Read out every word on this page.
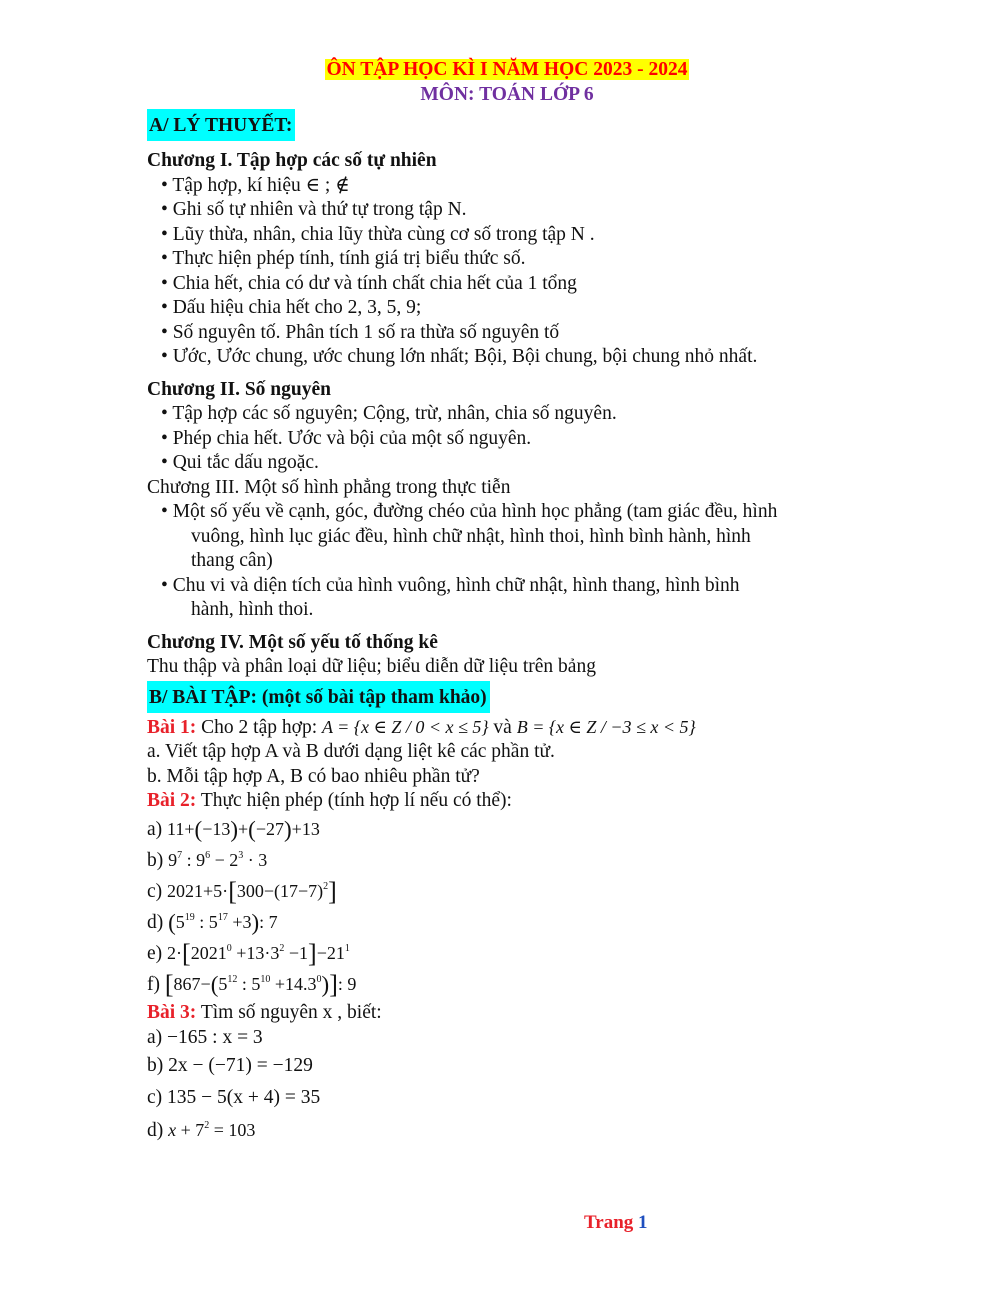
ÔN TẬP HỌC KÌ I NĂM HỌC 2023 - 2024
MÔN: TOÁN LỚP 6
A/ LÝ THUYẾT:
Chương I. Tập hợp các số tự nhiên
• Tập hợp, kí hiệu ∈ ; ∉
• Ghi số tự nhiên và thứ tự trong tập N.
• Lũy thừa, nhân, chia lũy thừa cùng cơ số trong tập N .
• Thực hiện phép tính, tính giá trị biểu thức số.
• Chia hết, chia có dư và tính chất chia hết của 1 tổng
• Dấu hiệu chia hết cho 2, 3, 5, 9;
• Số nguyên tố. Phân tích 1 số ra thừa số nguyên tố
• Ước, Ước chung, ước chung lớn nhất; Bội, Bội chung, bội chung nhỏ nhất.
Chương II. Số nguyên
• Tập hợp các số nguyên; Cộng, trừ, nhân, chia số nguyên.
• Phép chia hết. Ước và bội của một số nguyên.
• Qui tắc dấu ngoặc.
Chương III. Một số hình phẳng trong thực tiễn
• Một số yếu về cạnh, góc, đường chéo của hình học phẳng (tam giác đều, hình
vuông, hình lục giác đều, hình chữ nhật, hình thoi, hình bình hành, hình
thang cân)
• Chu vi và diện tích của hình vuông, hình chữ nhật, hình thang, hình bình
hành, hình thoi.
Chương IV. Một số yếu tố thống kê
Thu thập và phân loại dữ liệu; biểu diễn dữ liệu trên bảng
B/ BÀI TẬP: (một số bài tập tham khảo)
Bài 1: Cho 2 tập hợp: A = {x ∈ Z / 0 < x ≤ 5} và B = {x ∈ Z / −3 ≤ x < 5}
a. Viết tập hợp A và B dưới dạng liệt kê các phần tử.
b. Mỗi tập hợp A, B có bao nhiêu phần tử?
Bài 2: Thực hiện phép (tính hợp lí nếu có thể):
a) 11+(−13)+(−27)+13
b) $9^7$ : $9^6 - 2^3 \cdot 3$
c) $2021+5\cdot[300-(17-7)^2]$
d) ($5^{19}$ : $5^{17} +3$): 7
e) $2\cdot[2021^0 +13\cdot 3^2 -1]-21^1$
f) [$867-(5^{12}$ : $5^{10} +14.3^0$)]: 9
Bài 3: Tìm số nguyên x , biết:
a) −165 : x = 3
b) 2x − (−71) = −129
c) 135 − 5(x + 4) = 35
d) $x + 7^2 = 103$
Trang 1
